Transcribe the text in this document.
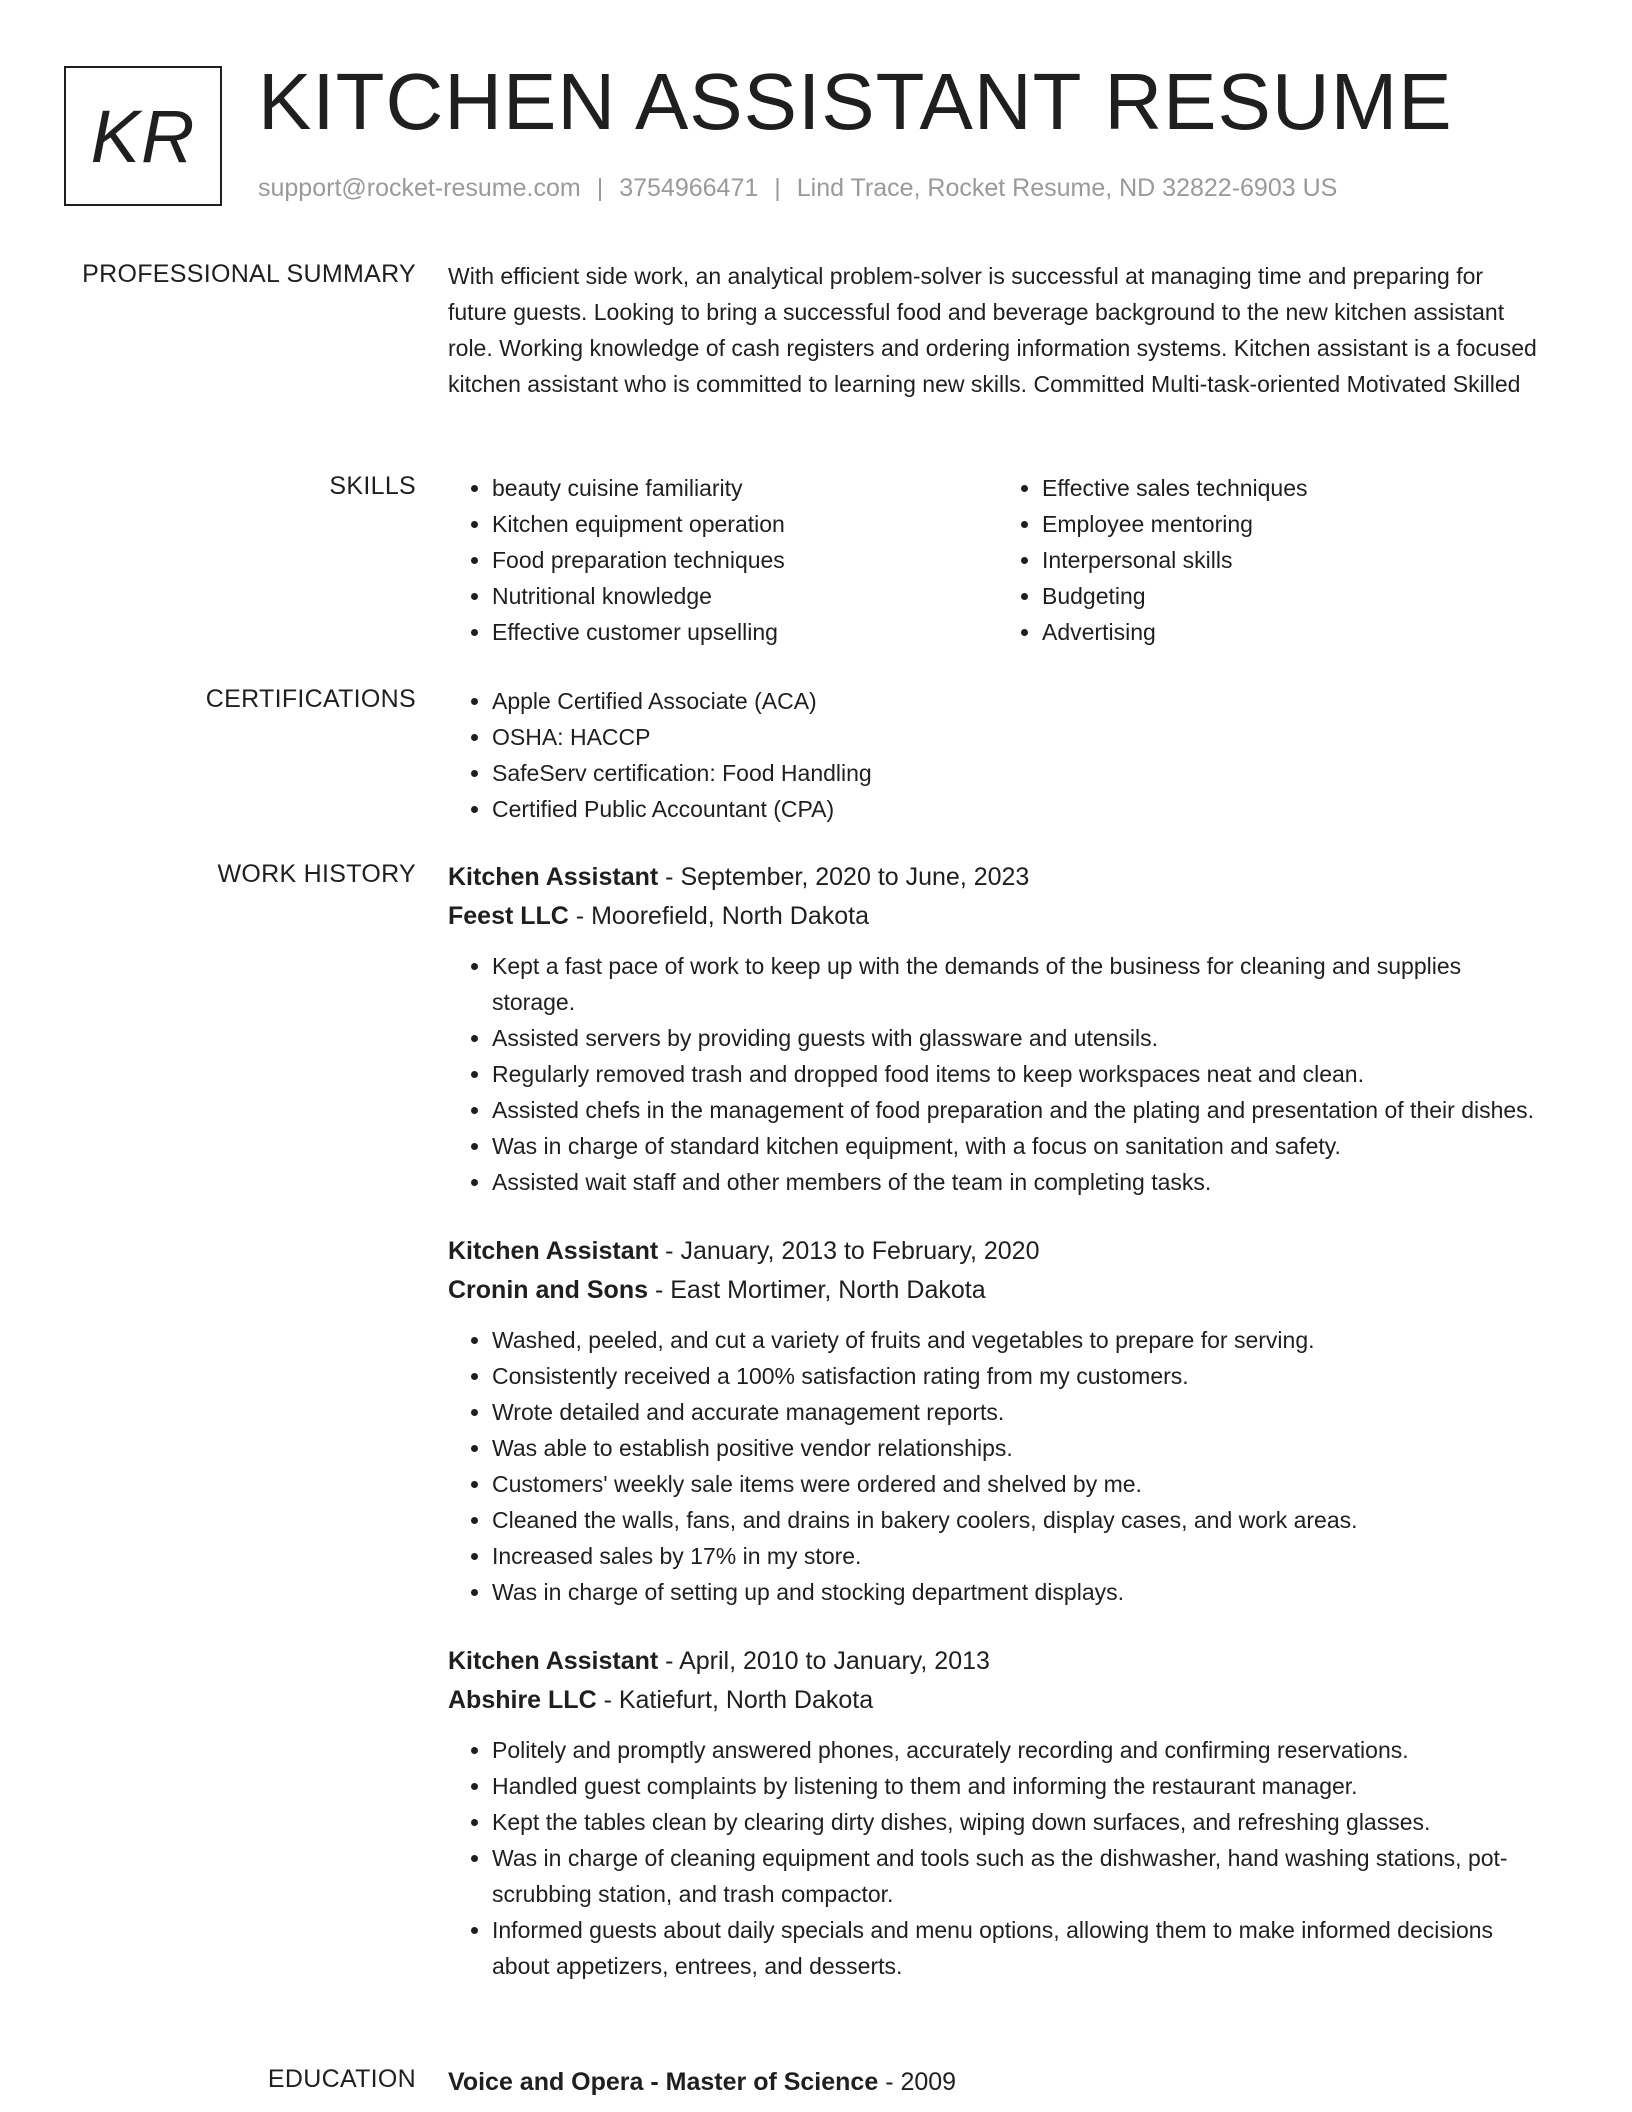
KR KITCHEN ASSISTANT RESUME
support@rocket-resume.com | 3754966471 | Lind Trace, Rocket Resume, ND 32822-6903 US
PROFESSIONAL SUMMARY With efficient side work, an analytical problem-solver is successful at managing time and preparing for future guests. Looking to bring a successful food and beverage background to the new kitchen assistant role. Working knowledge of cash registers and ordering information systems. Kitchen assistant is a focused kitchen assistant who is committed to learning new skills. Committed Multi-task-oriented Motivated Skilled

SKILLS	• beauty cuisine familiarity
• Kitchen equipment operation
• Food preparation techniques
• Nutritional knowledge
• Effective customer upselling
• Effective sales techniques
• Employee mentoring
• Interpersonal skills
• Budgeting
• Advertising
CERTIFICATIONS	• Apple Certified Associate (ACA)
• OSHA: HACCP
• SafeServ certification: Food Handling
• Certified Public Accountant (CPA)
WORK HISTORY Kitchen Assistant - September, 2020 to June, 2023
Feest LLC - Moorefield, North Dakota
• Kept a fast pace of work to keep up with the demands of the business for cleaning and supplies storage.
• Assisted servers by providing guests with glassware and utensils.
• Regularly removed trash and dropped food items to keep workspaces neat and clean.
• Assisted chefs in the management of food preparation and the plating and presentation of their dishes.
• Was in charge of standard kitchen equipment, with a focus on sanitation and safety.
• Assisted wait staff and other members of the team in completing tasks.
Kitchen Assistant - January, 2013 to February, 2020
Cronin and Sons - East Mortimer, North Dakota
• Washed, peeled, and cut a variety of fruits and vegetables to prepare for serving.
• Consistently received a 100% satisfaction rating from my customers.
• Wrote detailed and accurate management reports.
• Was able to establish positive vendor relationships.
• Customers' weekly sale items were ordered and shelved by me.
• Cleaned the walls, fans, and drains in bakery coolers, display cases, and work areas.
• Increased sales by 17% in my store.
• Was in charge of setting up and stocking department displays.
Kitchen Assistant - April, 2010 to January, 2013
Abshire LLC - Katiefurt, North Dakota
• Politely and promptly answered phones, accurately recording and confirming reservations.
• Handled guest complaints by listening to them and informing the restaurant manager.
• Kept the tables clean by clearing dirty dishes, wiping down surfaces, and refreshing glasses.
• Was in charge of cleaning equipment and tools such as the dishwasher, hand washing stations, pot-scrubbing station, and trash compactor.
• Informed guests about daily specials and menu options, allowing them to make informed decisions about appetizers, entrees, and desserts.
EDUCATION Voice and Opera - Master of Science - 2009
